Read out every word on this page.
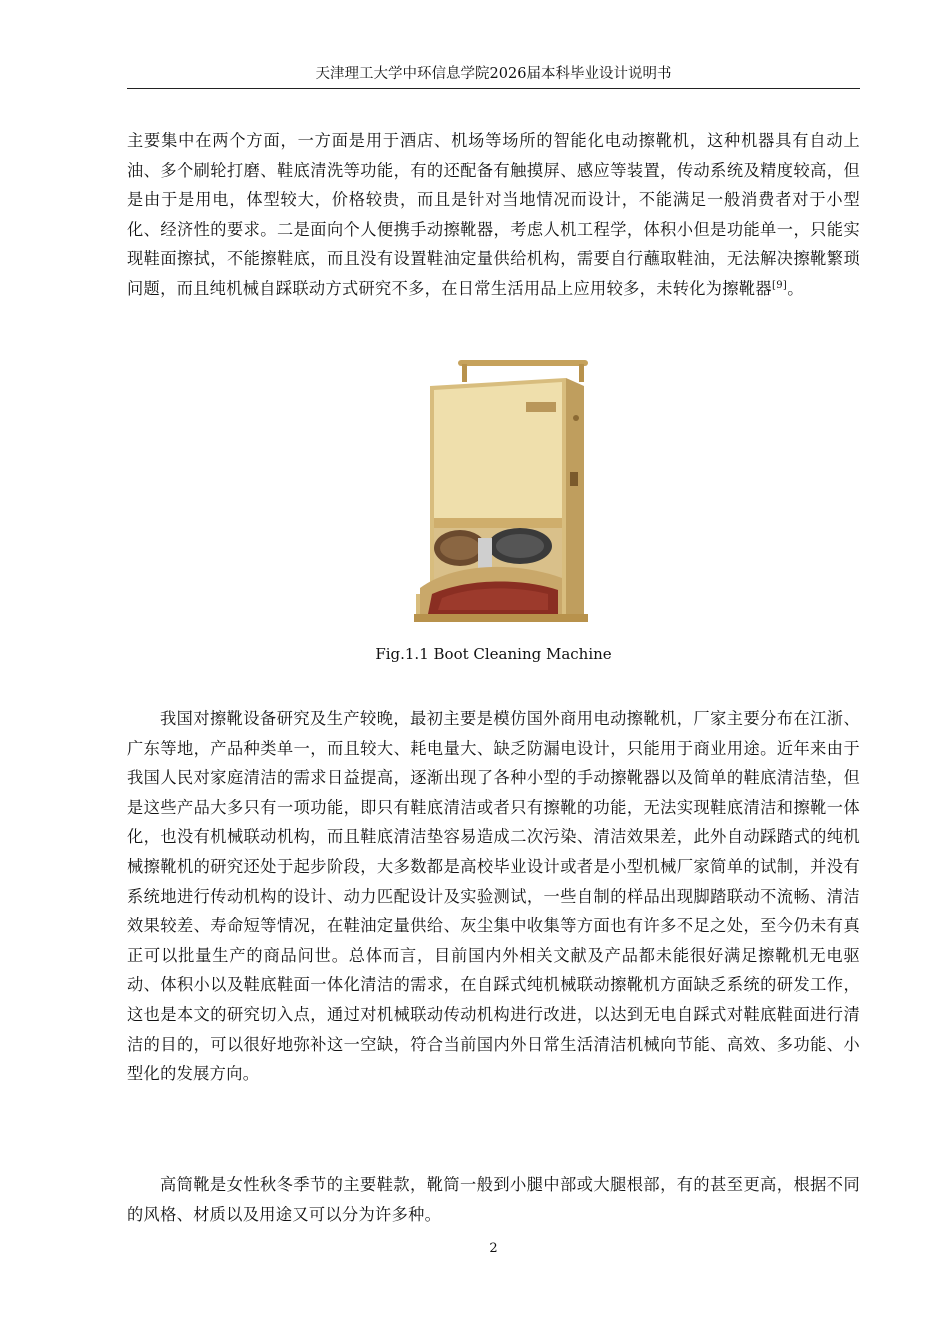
天津理工大学中环信息学院2026届本科毕业设计说明书

主要集中在两个方面，一方面是用于酒店、机场等场所的智能化电动擦靴机，这种机器具有自动上油、多个刷轮打磨、鞋底清洗等功能，有的还配备有触摸屏、感应等装置，传动系统及精度较高，但是由于是用电，体型较大，价格较贵，而且是针对当地情况而设计，不能满足一般消费者对于小型化、经济性的要求。二是面向个人便携手动擦靴器，考虑人机工程学，体积小但是功能单一，只能实现鞋面擦拭，不能擦鞋底，而且没有设置鞋油定量供给机构，需要自行蘸取鞋油，无法解决擦靴繁琐问题，而且纯机械自踩联动方式研究不多，在日常生活用品上应用较多，未转化为擦靴器[9]。

Fig.1.1 Boot Cleaning Machine

我国对擦靴设备研究及生产较晚，最初主要是模仿国外商用电动擦靴机，厂家主要分布在江浙、广东等地，产品种类单一，而且较大、耗电量大、缺乏防漏电设计，只能用于商业用途。近年来由于我国人民对家庭清洁的需求日益提高，逐渐出现了各种小型的手动擦靴器以及简单的鞋底清洁垫，但是这些产品大多只有一项功能，即只有鞋底清洁或者只有擦靴的功能，无法实现鞋底清洁和擦靴一体化，也没有机械联动机构，而且鞋底清洁垫容易造成二次污染、清洁效果差，此外自动踩踏式的纯机械擦靴机的研究还处于起步阶段，大多数都是高校毕业设计或者是小型机械厂家简单的试制，并没有系统地进行传动机构的设计、动力匹配设计及实验测试，一些自制的样品出现脚踏联动不流畅、清洁效果较差、寿命短等情况，在鞋油定量供给、灰尘集中收集等方面也有许多不足之处，至今仍未有真正可以批量生产的商品问世。总体而言，目前国内外相关文献及产品都未能很好满足擦靴机无电驱动、体积小以及鞋底鞋面一体化清洁的需求，在自踩式纯机械联动擦靴机方面缺乏系统的研发工作，这也是本文的研究切入点，通过对机械联动传动机构进行改进，以达到无电自踩式对鞋底鞋面进行清洁的目的，可以很好地弥补这一空缺，符合当前国内外日常生活清洁机械向节能、高效、多功能、小型化的发展方向。

高筒靴是女性秋冬季节的主要鞋款，靴筒一般到小腿中部或大腿根部，有的甚至更高，根据不同的风格、材质以及用途又可以分为许多种。

2
